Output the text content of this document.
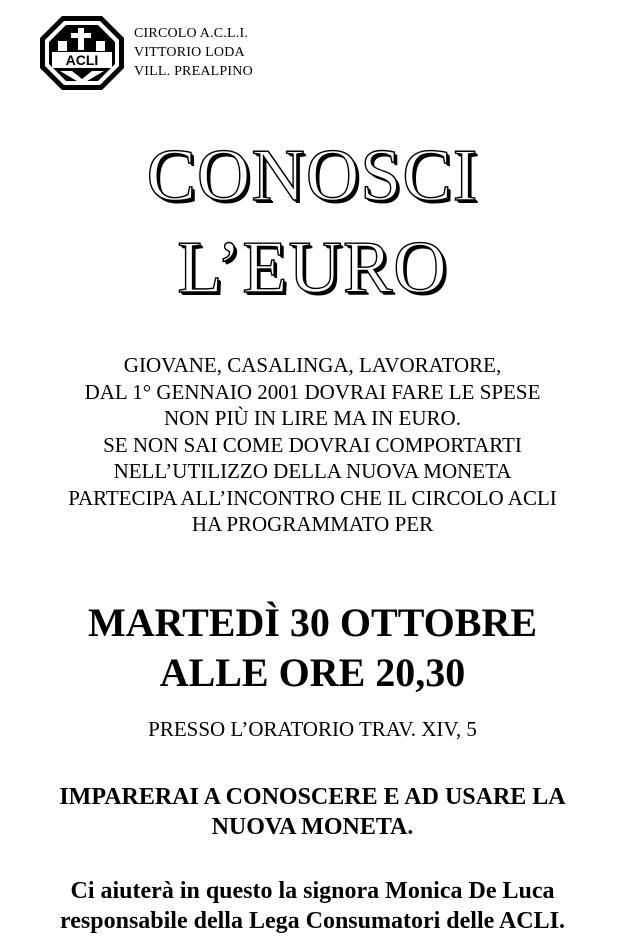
ACLI
CIRCOLO A.C.L.I.
VITTORIO LODA
VILL. PREALPINO
CONOSCI
L’EURO
GIOVANE, CASALINGA, LAVORATORE,
DAL 1° GENNAIO 2001 DOVRAI FARE LE SPESE
NON PIÙ IN LIRE MA IN EURO.
SE NON SAI COME DOVRAI COMPORTARTI
NELL’UTILIZZO DELLA NUOVA MONETA
PARTECIPA ALL’INCONTRO CHE IL CIRCOLO ACLI
HA PROGRAMMATO PER
MARTEDÌ 30 OTTOBRE
ALLE ORE 20,30
PRESSO L’ORATORIO TRAV. XIV, 5
IMPARERAI A CONOSCERE E AD USARE LA
NUOVA MONETA.
Ci aiuterà in questo la signora Monica De Luca
responsabile della Lega Consumatori delle ACLI.
